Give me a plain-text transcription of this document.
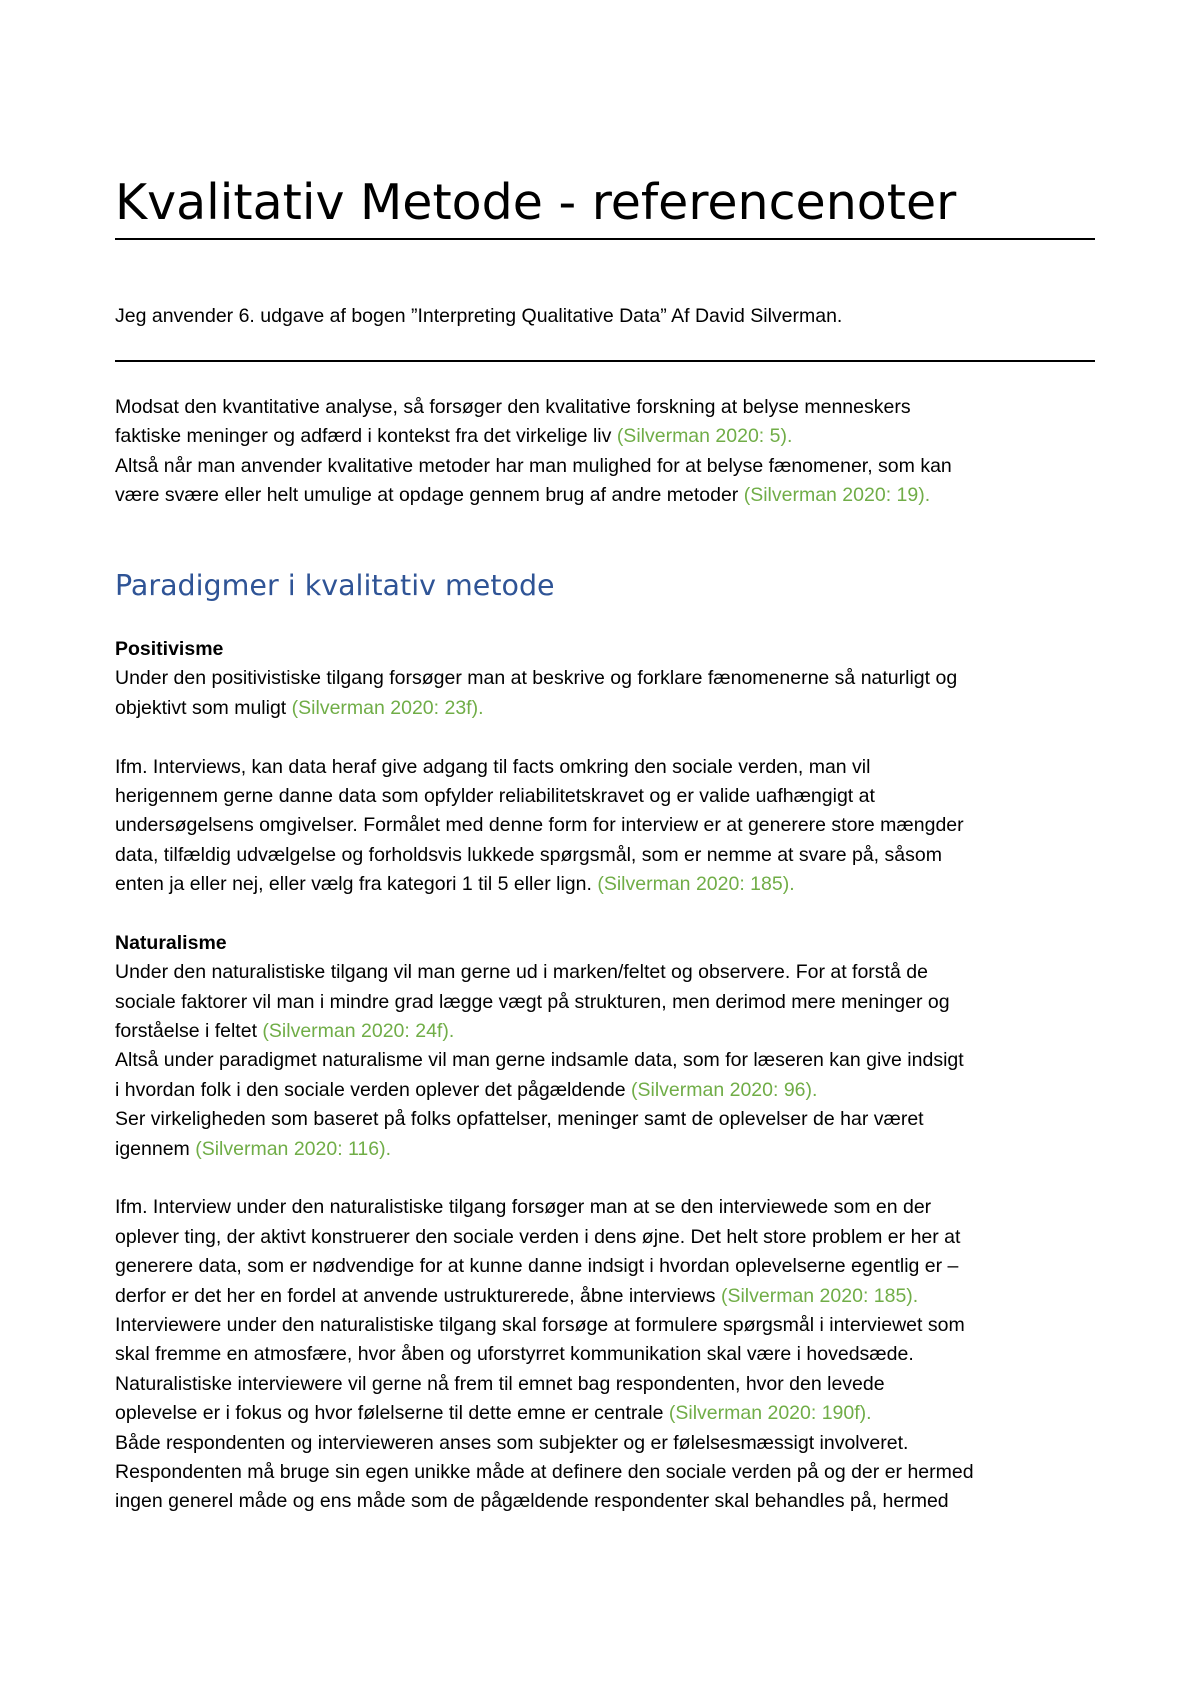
Kvalitativ Metode - referencenoter
Jeg anvender 6. udgave af bogen ”Interpreting Qualitative Data” Af David Silverman.
Modsat den kvantitative analyse, så forsøger den kvalitative forskning at belyse menneskers
faktiske meninger og adfærd i kontekst fra det virkelige liv (Silverman 2020: 5).
Altså når man anvender kvalitative metoder har man mulighed for at belyse fænomener, som kan
være svære eller helt umulige at opdage gennem brug af andre metoder (Silverman 2020: 19).
Paradigmer i kvalitativ metode
Positivisme
Under den positivistiske tilgang forsøger man at beskrive og forklare fænomenerne så naturligt og
objektivt som muligt (Silverman 2020: 23f).
Ifm. Interviews, kan data heraf give adgang til facts omkring den sociale verden, man vil
herigennem gerne danne data som opfylder reliabilitetskravet og er valide uafhængigt at
undersøgelsens omgivelser. Formålet med denne form for interview er at generere store mængder
data, tilfældig udvælgelse og forholdsvis lukkede spørgsmål, som er nemme at svare på, såsom
enten ja eller nej, eller vælg fra kategori 1 til 5 eller lign. (Silverman 2020: 185).
Naturalisme
Under den naturalistiske tilgang vil man gerne ud i marken/feltet og observere. For at forstå de
sociale faktorer vil man i mindre grad lægge vægt på strukturen, men derimod mere meninger og
forståelse i feltet (Silverman 2020: 24f).
Altså under paradigmet naturalisme vil man gerne indsamle data, som for læseren kan give indsigt
i hvordan folk i den sociale verden oplever det pågældende (Silverman 2020: 96).
Ser virkeligheden som baseret på folks opfattelser, meninger samt de oplevelser de har været
igennem (Silverman 2020: 116).
Ifm. Interview under den naturalistiske tilgang forsøger man at se den interviewede som en der
oplever ting, der aktivt konstruerer den sociale verden i dens øjne. Det helt store problem er her at
generere data, som er nødvendige for at kunne danne indsigt i hvordan oplevelserne egentlig er –
derfor er det her en fordel at anvende ustrukturerede, åbne interviews (Silverman 2020: 185).
Interviewere under den naturalistiske tilgang skal forsøge at formulere spørgsmål i interviewet som
skal fremme en atmosfære, hvor åben og uforstyrret kommunikation skal være i hovedsæde.
Naturalistiske interviewere vil gerne nå frem til emnet bag respondenten, hvor den levede
oplevelse er i fokus og hvor følelserne til dette emne er centrale (Silverman 2020: 190f).
Både respondenten og intervieweren anses som subjekter og er følelsesmæssigt involveret.
Respondenten må bruge sin egen unikke måde at definere den sociale verden på og der er hermed
ingen generel måde og ens måde som de pågældende respondenter skal behandles på, hermed
